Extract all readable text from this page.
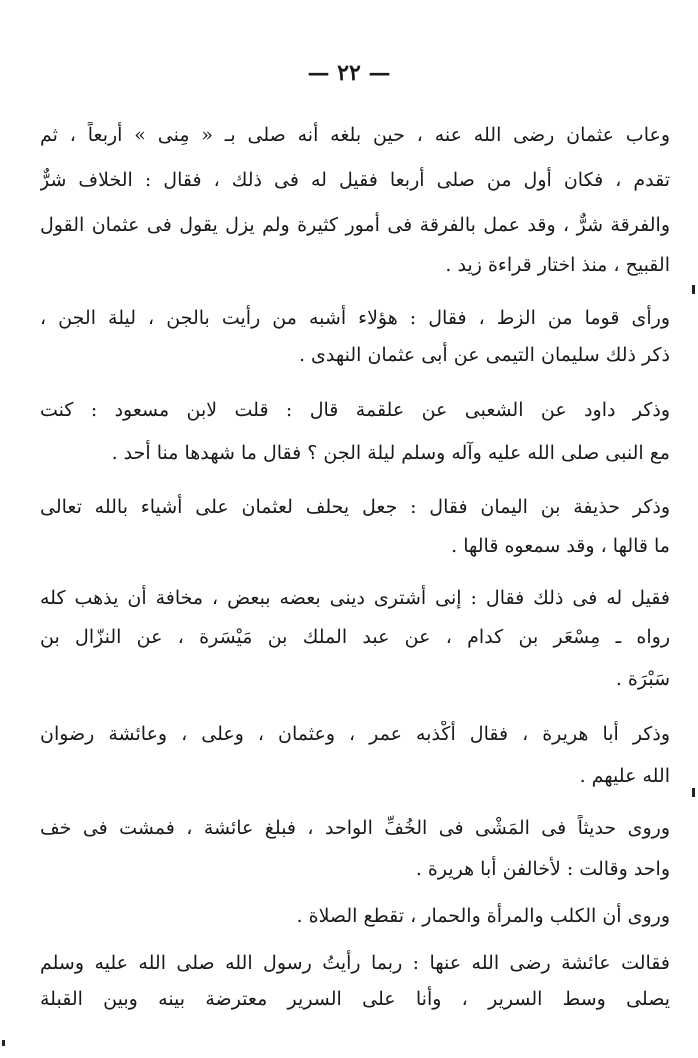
— ٢٢ —
وعاب عثمان رضى الله عنه ، حين بلغه أنه صلى بـ « مِنى » أربعاً ، ثم
تقدم ، فكان أول من صلى أربعا فقيل له فى ذلك ، فقال : الخلاف شرٌّ
والفرقة شرٌّ ، وقد عمل بالفرقة فى أمور كثيرة ولم يزل يقول فى عثمان القول
القبيح ، منذ اختار قراءة زيد .
ورأى قوما من الزط ، فقال : هؤلاء أشبه من رأيت بالجن ، ليلة الجن ،
ذكر ذلك سليمان التيمى عن أبى عثمان النهدى .
وذكر داود عن الشعبى عن علقمة قال : قلت لابن مسعود : كنت
مع النبى صلى الله عليه وآله وسلم ليلة الجن ؟ فقال ما شهدها منا أحد .
وذكر حذيفة بن اليمان فقال : جعل يحلف لعثمان على أشياء بالله تعالى
ما قالها ، وقد سمعوه قالها .
فقيل له فى ذلك فقال : إنى أشترى دينى بعضه ببعض ، مخافة أن يذهب كله
رواه ـ مِسْعَر بن كدام ، عن عبد الملك بن مَيْسَرة ، عن النزّال بن
سَبْرَة .
وذكر أبا هريرة ، فقال أكْذبه عمر ، وعثمان ، وعلى ، وعائشة رضوان
الله عليهم .
وروى حديثاً فى المَشْى فى الخُفِّ الواحد ، فبلغ عائشة ، فمشت فى خف
واحد وقالت : لأخالفن أبا هريرة .
وروى أن الكلب والمرأة والحمار ، تقطع الصلاة .
فقالت عائشة رضى الله عنها : ربما رأيتُ رسول الله صلى الله عليه وسلم
يصلى وسط السرير ، وأنا على السرير معترضة بينه وبين القبلة
